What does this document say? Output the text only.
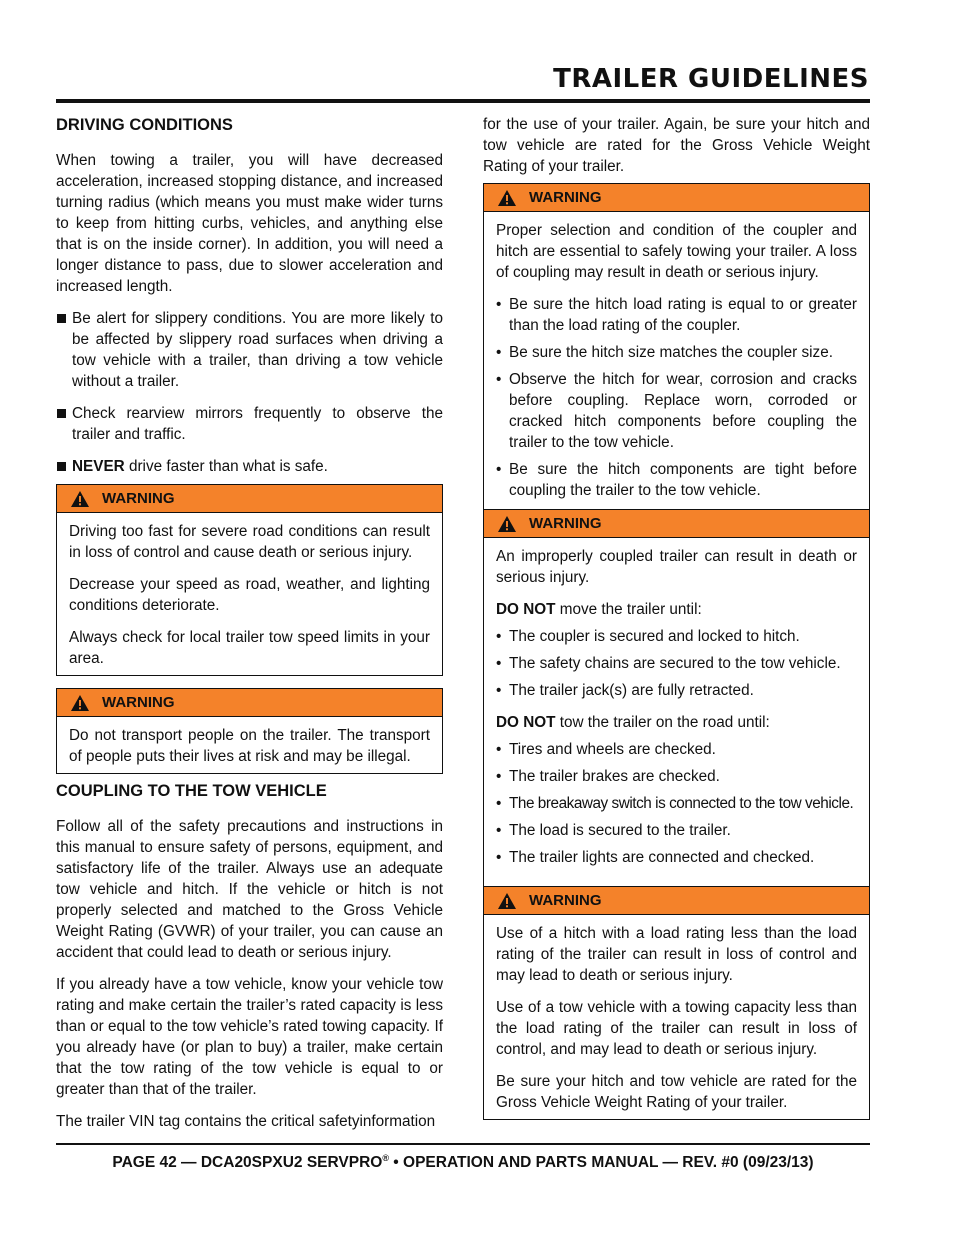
TRAILER GUIDELINES
DRIVING CONDITIONS

When towing a trailer, you will have decreased acceleration, increased stopping distance, and increased turning radius (which means you must make wider turns to keep from hitting curbs, vehicles, and anything else that is on the inside corner). In addition, you will need a longer distance to pass, due to slower acceleration and increased length.

Be alert for slippery conditions. You are more likely to be affected by slippery road surfaces when driving a tow vehicle with a trailer, than driving a tow vehicle without a trailer.
Check rearview mirrors frequently to observe the trailer and traffic.
NEVER drive faster than what is safe.
WARNING

Driving too fast for severe road conditions can result in loss of control and cause death or serious injury.

Decrease your speed as road, weather, and lighting conditions deteriorate.

Always check for local trailer tow speed limits in your area.

WARNING

Do not transport people on the trailer. The transport of people puts their lives at risk and may be illegal.

COUPLING TO THE TOW VEHICLE

Follow all of the safety precautions and instructions in this manual to ensure safety of persons, equipment, and satisfactory life of the trailer. Always use an adequate tow vehicle and hitch. If the vehicle or hitch is not properly selected and matched to the Gross Vehicle Weight Rating (GVWR) of your trailer, you can cause an accident that could lead to death or serious injury.

If you already have a tow vehicle, know your vehicle tow rating and make certain the trailer’s rated capacity is less than or equal to the tow vehicle’s rated towing capacity. If you already have (or plan to buy) a trailer, make certain that the tow rating of the tow vehicle is equal to or greater than that of the trailer.

The trailer VIN tag contains the critical safetyinformation

for the use of your trailer. Again, be sure your hitch and tow vehicle are rated for the Gross Vehicle Weight Rating of your trailer.

WARNING

Proper selection and condition of the coupler and hitch are essential to safely towing your trailer. A loss of coupling may result in death or serious injury.

• Be sure the hitch load rating is equal to or greater than the load rating of the coupler.
• Be sure the hitch size matches the coupler size.
• Observe the hitch for wear, corrosion and cracks before coupling. Replace worn, corroded or cracked hitch components before coupling the trailer to the tow vehicle.
• Be sure the hitch components are tight before coupling the trailer to the tow vehicle.
WARNING

An improperly coupled trailer can result in death or serious injury.

DO NOT move the trailer until:

• The coupler is secured and locked to hitch.
• The safety chains are secured to the tow vehicle.
• The trailer jack(s) are fully retracted.

DO NOT tow the trailer on the road until:

• Tires and wheels are checked.
• The trailer brakes are checked.
• The breakaway switch is connected to the tow vehicle.
• The load is secured to the trailer.
• The trailer lights are connected and checked.
WARNING

Use of a hitch with a load rating less than the load rating of the trailer can result in loss of control and may lead to death or serious injury.

Use of a tow vehicle with a towing capacity less than the load rating of the trailer can result in loss of control, and may lead to death or serious injury.

Be sure your hitch and tow vehicle are rated for the Gross Vehicle Weight Rating of your trailer.

PAGE 42 — DCA20SPXU2 SERVPRO® • OPERATION AND PARTS MANUAL — REV. #0 (09/23/13)
